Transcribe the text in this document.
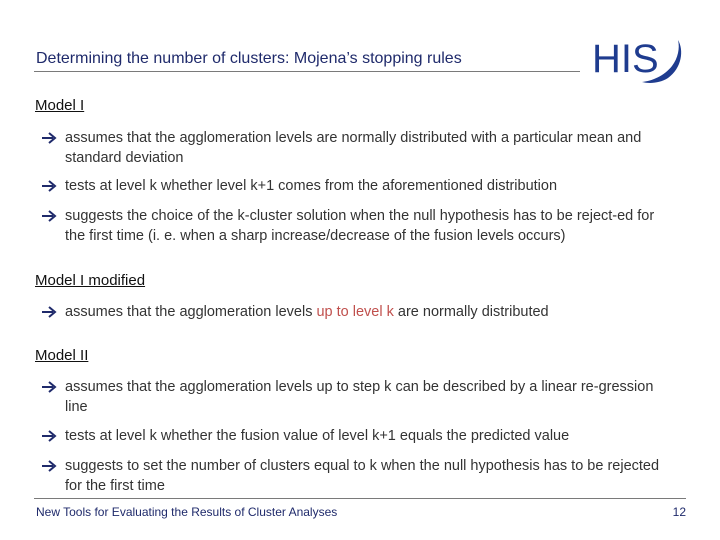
Determining the number of clusters: Mojena’s stopping rules	HIS
Model I
assumes that the agglomeration levels are normally distributed with a particular mean and standard deviation
tests at level k whether level k+1 comes from the aforementioned distribution
suggests the choice of the k-cluster solution when the null hypothesis has to be reject-ed for the first time (i. e. when a sharp increase/decrease of the fusion levels occurs)
Model I modified
assumes that the agglomeration levels up to level k are normally distributed
Model II
assumes that the agglomeration levels up to step k can be described by a linear re-gression line
tests at level k whether the fusion value of level k+1 equals the predicted value
suggests to set the number of clusters equal to k when the null hypothesis has to be rejected for the first time
New Tools for Evaluating the Results of Cluster Analyses	12
